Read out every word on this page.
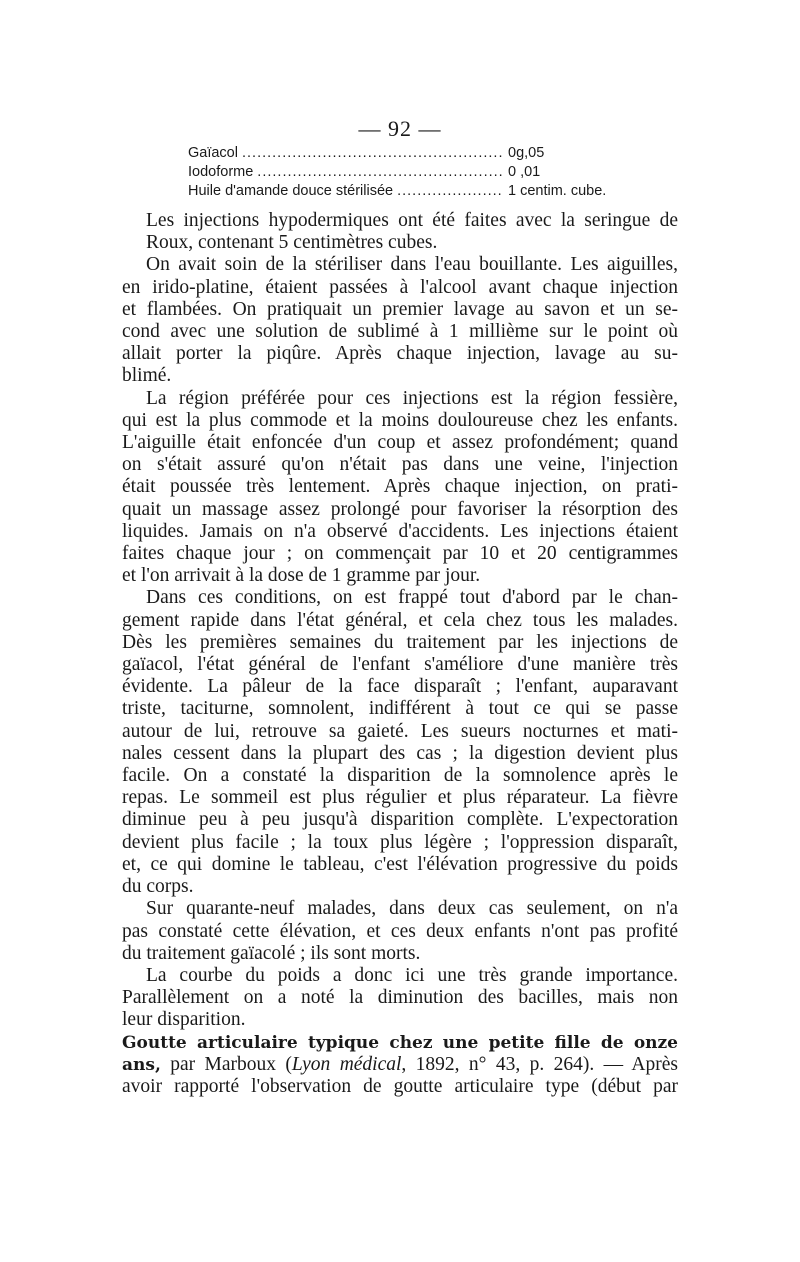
— 92 —
Gaïacol .....	0g,05
Iodoforme .....	0 ,01
Huile d'amande douce stérilisée .....	1 centim. cube.

Les injections hypodermiques ont été faites avec la seringue de
Roux, contenant 5 centimètres cubes.

On avait soin de la stériliser dans l'eau bouillante. Les aiguilles,
en irido-platine, étaient passées à l'alcool avant chaque injection
et flambées. On pratiquait un premier lavage au savon et un se-
cond avec une solution de sublimé à 1 millième sur le point où
allait porter la piqûre. Après chaque injection, lavage au su-
blimé.

La région préférée pour ces injections est la région fessière,
qui est la plus commode et la moins douloureuse chez les enfants.
L'aiguille était enfoncée d'un coup et assez profondément; quand
on s'était assuré qu'on n'était pas dans une veine, l'injection
était poussée très lentement. Après chaque injection, on prati-
quait un massage assez prolongé pour favoriser la résorption des
liquides. Jamais on n'a observé d'accidents. Les injections étaient
faites chaque jour ; on commençait par 10 et 20 centigrammes
et l'on arrivait à la dose de 1 gramme par jour.

Dans ces conditions, on est frappé tout d'abord par le chan-
gement rapide dans l'état général, et cela chez tous les malades.
Dès les premières semaines du traitement par les injections de
gaïacol, l'état général de l'enfant s'améliore d'une manière très
évidente. La pâleur de la face disparaît ; l'enfant, auparavant
triste, taciturne, somnolent, indifférent à tout ce qui se passe
autour de lui, retrouve sa gaieté. Les sueurs nocturnes et mati-
nales cessent dans la plupart des cas ; la digestion devient plus
facile. On a constaté la disparition de la somnolence après le
repas. Le sommeil est plus régulier et plus réparateur. La fièvre
diminue peu à peu jusqu'à disparition complète. L'expectoration
devient plus facile ; la toux plus légère ; l'oppression disparaît,
et, ce qui domine le tableau, c'est l'élévation progressive du poids
du corps.

Sur quarante-neuf malades, dans deux cas seulement, on n'a
pas constaté cette élévation, et ces deux enfants n'ont pas profité
du traitement gaïacolé ; ils sont morts.

La courbe du poids a donc ici une très grande importance.
Parallèlement on a noté la diminution des bacilles, mais non
leur disparition.

Goutte articulaire typique chez une petite fille de onze
ans, par Marboux (Lyon médical, 1892, n° 43, p. 264). — Après
avoir rapporté l'observation de goutte articulaire type (début par
